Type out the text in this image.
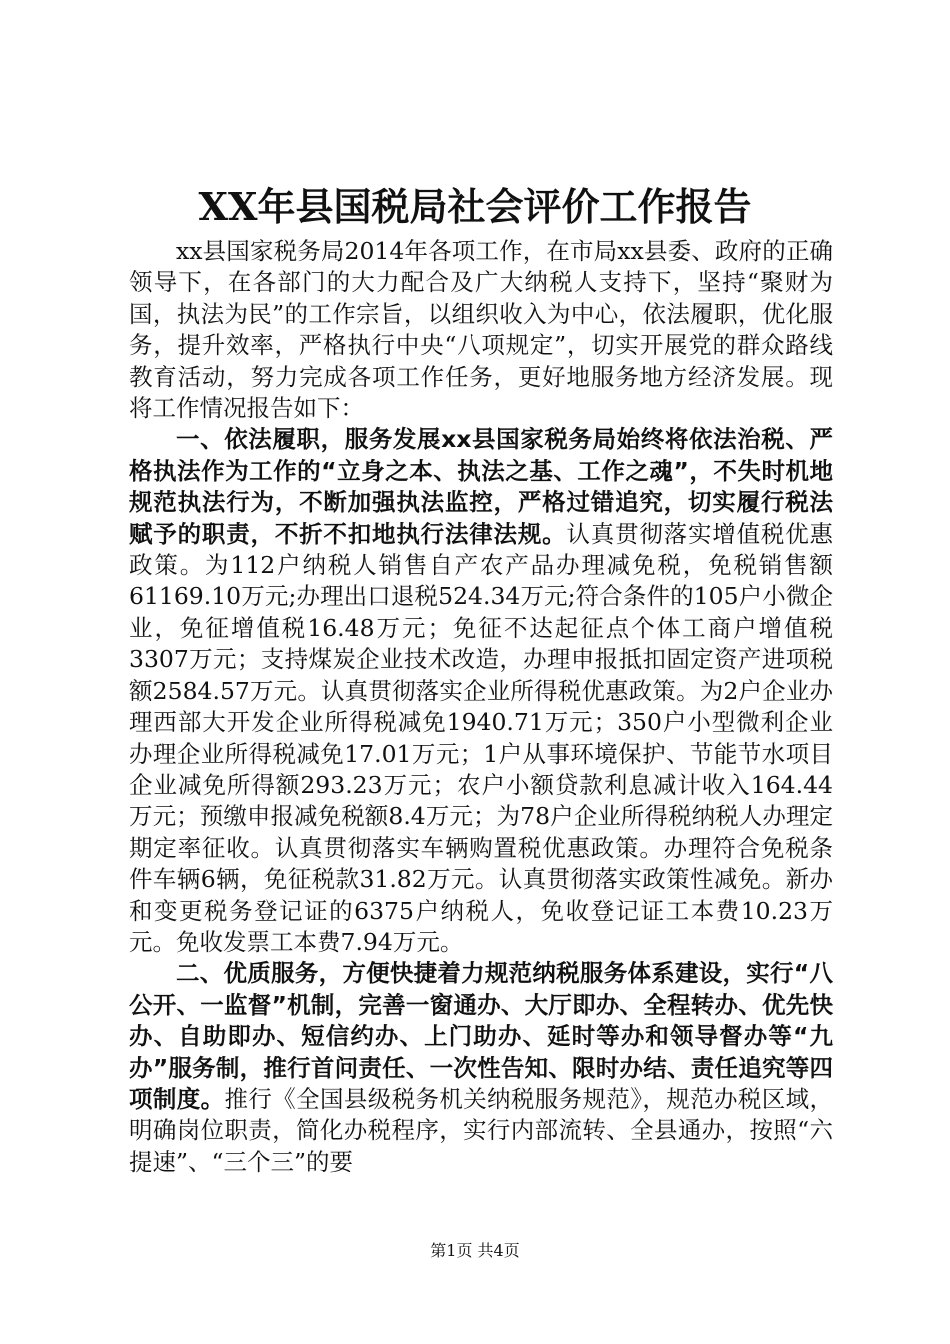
XX年县国税局社会评价工作报告

xx县国家税务局2014年各项工作，在市局xx县委、政府的正确领导下，在各部门的大力配合及广大纳税人支持下，坚持“聚财为国，执法为民”的工作宗旨，以组织收入为中心，依法履职，优化服务，提升效率，严格执行中央“八项规定”，切实开展党的群众路线教育活动，努力完成各项工作任务，更好地服务地方经济发展。现将工作情况报告如下：

一、依法履职，服务发展xx县国家税务局始终将依法治税、严格执法作为工作的“立身之本、执法之基、工作之魂”，不失时机地规范执法行为，不断加强执法监控，严格过错追究，切实履行税法赋予的职责，不折不扣地执行法律法规。认真贯彻落实增值税优惠政策。为112户纳税人销售自产农产品办理减免税，免税销售额61169.10万元;办理出口退税524.34万元;符合条件的105户小微企业，免征增值税16.48万元；免征不达起征点个体工商户增值税3307万元；支持煤炭企业技术改造，办理申报抵扣固定资产进项税额2584.57万元。认真贯彻落实企业所得税优惠政策。为2户企业办理西部大开发企业所得税减免1940.71万元；350户小型微利企业办理企业所得税减免17.01万元；1户从事环境保护、节能节水项目企业减免所得额293.23万元；农户小额贷款利息减计收入164.44万元；预缴申报减免税额8.4万元；为78户企业所得税纳税人办理定期定率征收。认真贯彻落实车辆购置税优惠政策。办理符合免税条件车辆6辆，免征税款31.82万元。认真贯彻落实政策性减免。新办和变更税务登记证的6375户纳税人，免收登记证工本费10.23万元。免收发票工本费7.94万元。

二、优质服务，方便快捷着力规范纳税服务体系建设，实行“八公开、一监督”机制，完善一窗通办、大厅即办、全程转办、优先快办、自助即办、短信约办、上门助办、延时等办和领导督办等“九办”服务制，推行首问责任、一次性告知、限时办结、责任追究等四项制度。推行《全国县级税务机关纳税服务规范》，规范办税区域，明确岗位职责，简化办税程序，实行内部流转、全县通办，按照“六提速”、“三个三”的要

第1页 共4页
